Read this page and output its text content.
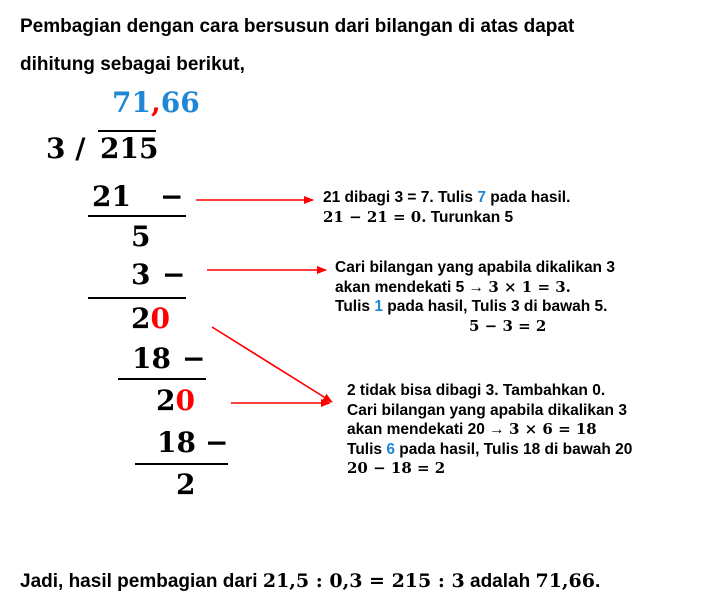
Pembagian dengan cara bersusun dari bilangan di atas dapat
dihitung sebagai berikut,
71,66
3 / 215
21 −
5
3 −
20
18 −
20
18 −
2
21 dibagi 3 = 7. Tulis 7 pada hasil.
21 − 21 = 0. Turunkan 5
Cari bilangan yang apabila dikalikan 3
akan mendekati 5 → 3 × 1 = 3.
Tulis 1 pada hasil, Tulis 3 di bawah 5.
5 − 3 = 2
2 tidak bisa dibagi 3. Tambahkan 0.
Cari bilangan yang apabila dikalikan 3
akan mendekati 20 → 3 × 6 = 18
Tulis 6 pada hasil, Tulis 18 di bawah 20
20 − 18 = 2
Jadi, hasil pembagian dari 21,5 : 0,3 = 215 : 3 adalah 71,66.
